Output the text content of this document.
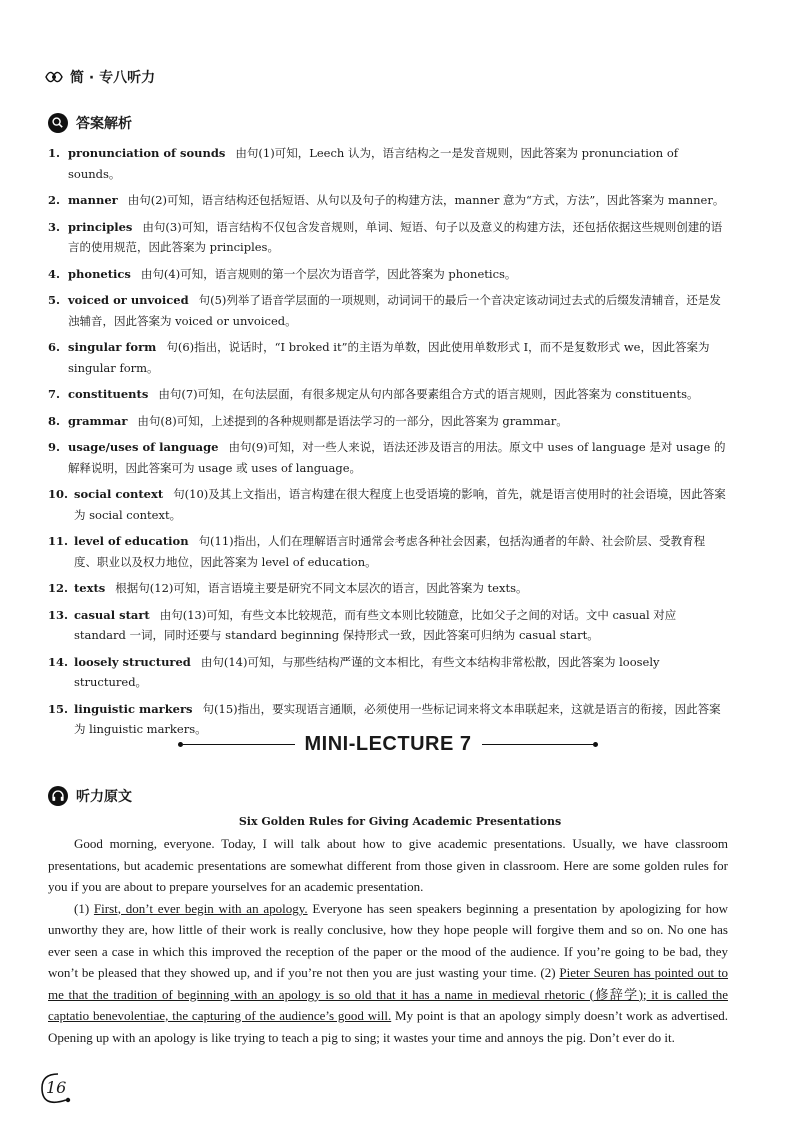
简 · 专八听力
答案解析
1. pronunciation of sounds 由句(1)可知，Leech 认为，语言结构之一是发音规则，因此答案为 pronunciation of sounds。
2. manner 由句(2)可知，语言结构还包括短语、从句以及句子的构建方法，manner 意为“方式，方法”，因此答案为 manner。
3. principles 由句(3)可知，语言结构不仅包含发音规则，单词、短语、句子以及意义的构建方法，还包括依据这些规则创建的语言的使用规范，因此答案为 principles。
4. phonetics 由句(4)可知，语言规则的第一个层次为语音学，因此答案为 phonetics。
5. voiced or unvoiced 句(5)列举了语音学层面的一项规则，动词词干的最后一个音决定该动词过去式的后缀发清辅音，还是发浊辅音，因此答案为 voiced or unvoiced。
6. singular form 句(6)指出，说话时，“I broked it”的主语为单数，因此使用单数形式 I，而不是复数形式 we，因此答案为 singular form。
7. constituents 由句(7)可知，在句法层面，有很多规定从句内部各要素组合方式的语言规则，因此答案为 constituents。
8. grammar 由句(8)可知，上述提到的各种规则都是语法学习的一部分，因此答案为 grammar。
9. usage/uses of language 由句(9)可知，对一些人来说，语法还涉及语言的用法。原文中 uses of language 是对 usage 的解释说明，因此答案可为 usage 或 uses of language。
10. social context 句(10)及其上文指出，语言构建在很大程度上也受语境的影响，首先，就是语言使用时的社会语境，因此答案为 social context。
11. level of education 句(11)指出，人们在理解语言时通常会考虑各种社会因素，包括沟通者的年龄、社会阶层、受教育程度、职业以及权力地位，因此答案为 level of education。
12. texts 根据句(12)可知，语言语境主要是研究不同文本层次的语言，因此答案为 texts。
13. casual start 由句(13)可知，有些文本比较规范，而有些文本则比较随意，比如父子之间的对话。文中 casual 对应 standard 一词，同时还要与 standard beginning 保持形式一致，因此答案可归纳为 casual start。
14. loosely structured 由句(14)可知，与那些结构严谨的文本相比，有些文本结构非常松散，因此答案为 loosely structured。
15. linguistic markers 句(15)指出，要实现语言通顺，必须使用一些标记词来将文本串联起来，这就是语言的衔接，因此答案为 linguistic markers。
MINI-LECTURE 7
听力原文
Six Golden Rules for Giving Academic Presentations

Good morning, everyone. Today, I will talk about how to give academic presentations. Usually, we have classroom presentations, but academic presentations are somewhat different from those given in classroom. Here are some golden rules for you if you are about to prepare yourselves for an academic presentation.

(1) First, don’t ever begin with an apology. Everyone has seen speakers beginning a presentation by apologizing for how unworthy they are, how little of their work is really conclusive, how they hope people will forgive them and so on. No one has ever seen a case in which this improved the reception of the paper or the mood of the audience. If you’re going to be bad, they won’t be pleased that they showed up, and if you’re not then you are just wasting your time. (2) Pieter Seuren has pointed out to me that the tradition of beginning with an apology is so old that it has a name in medieval rhetoric (修辞学); it is called the captatio benevolentiae, the capturing of the audience’s good will. My point is that an apology simply doesn’t work as advertised. Opening up with an apology is like trying to teach a pig to sing; it wastes your time and annoys the pig. Don’t ever do it.

16
